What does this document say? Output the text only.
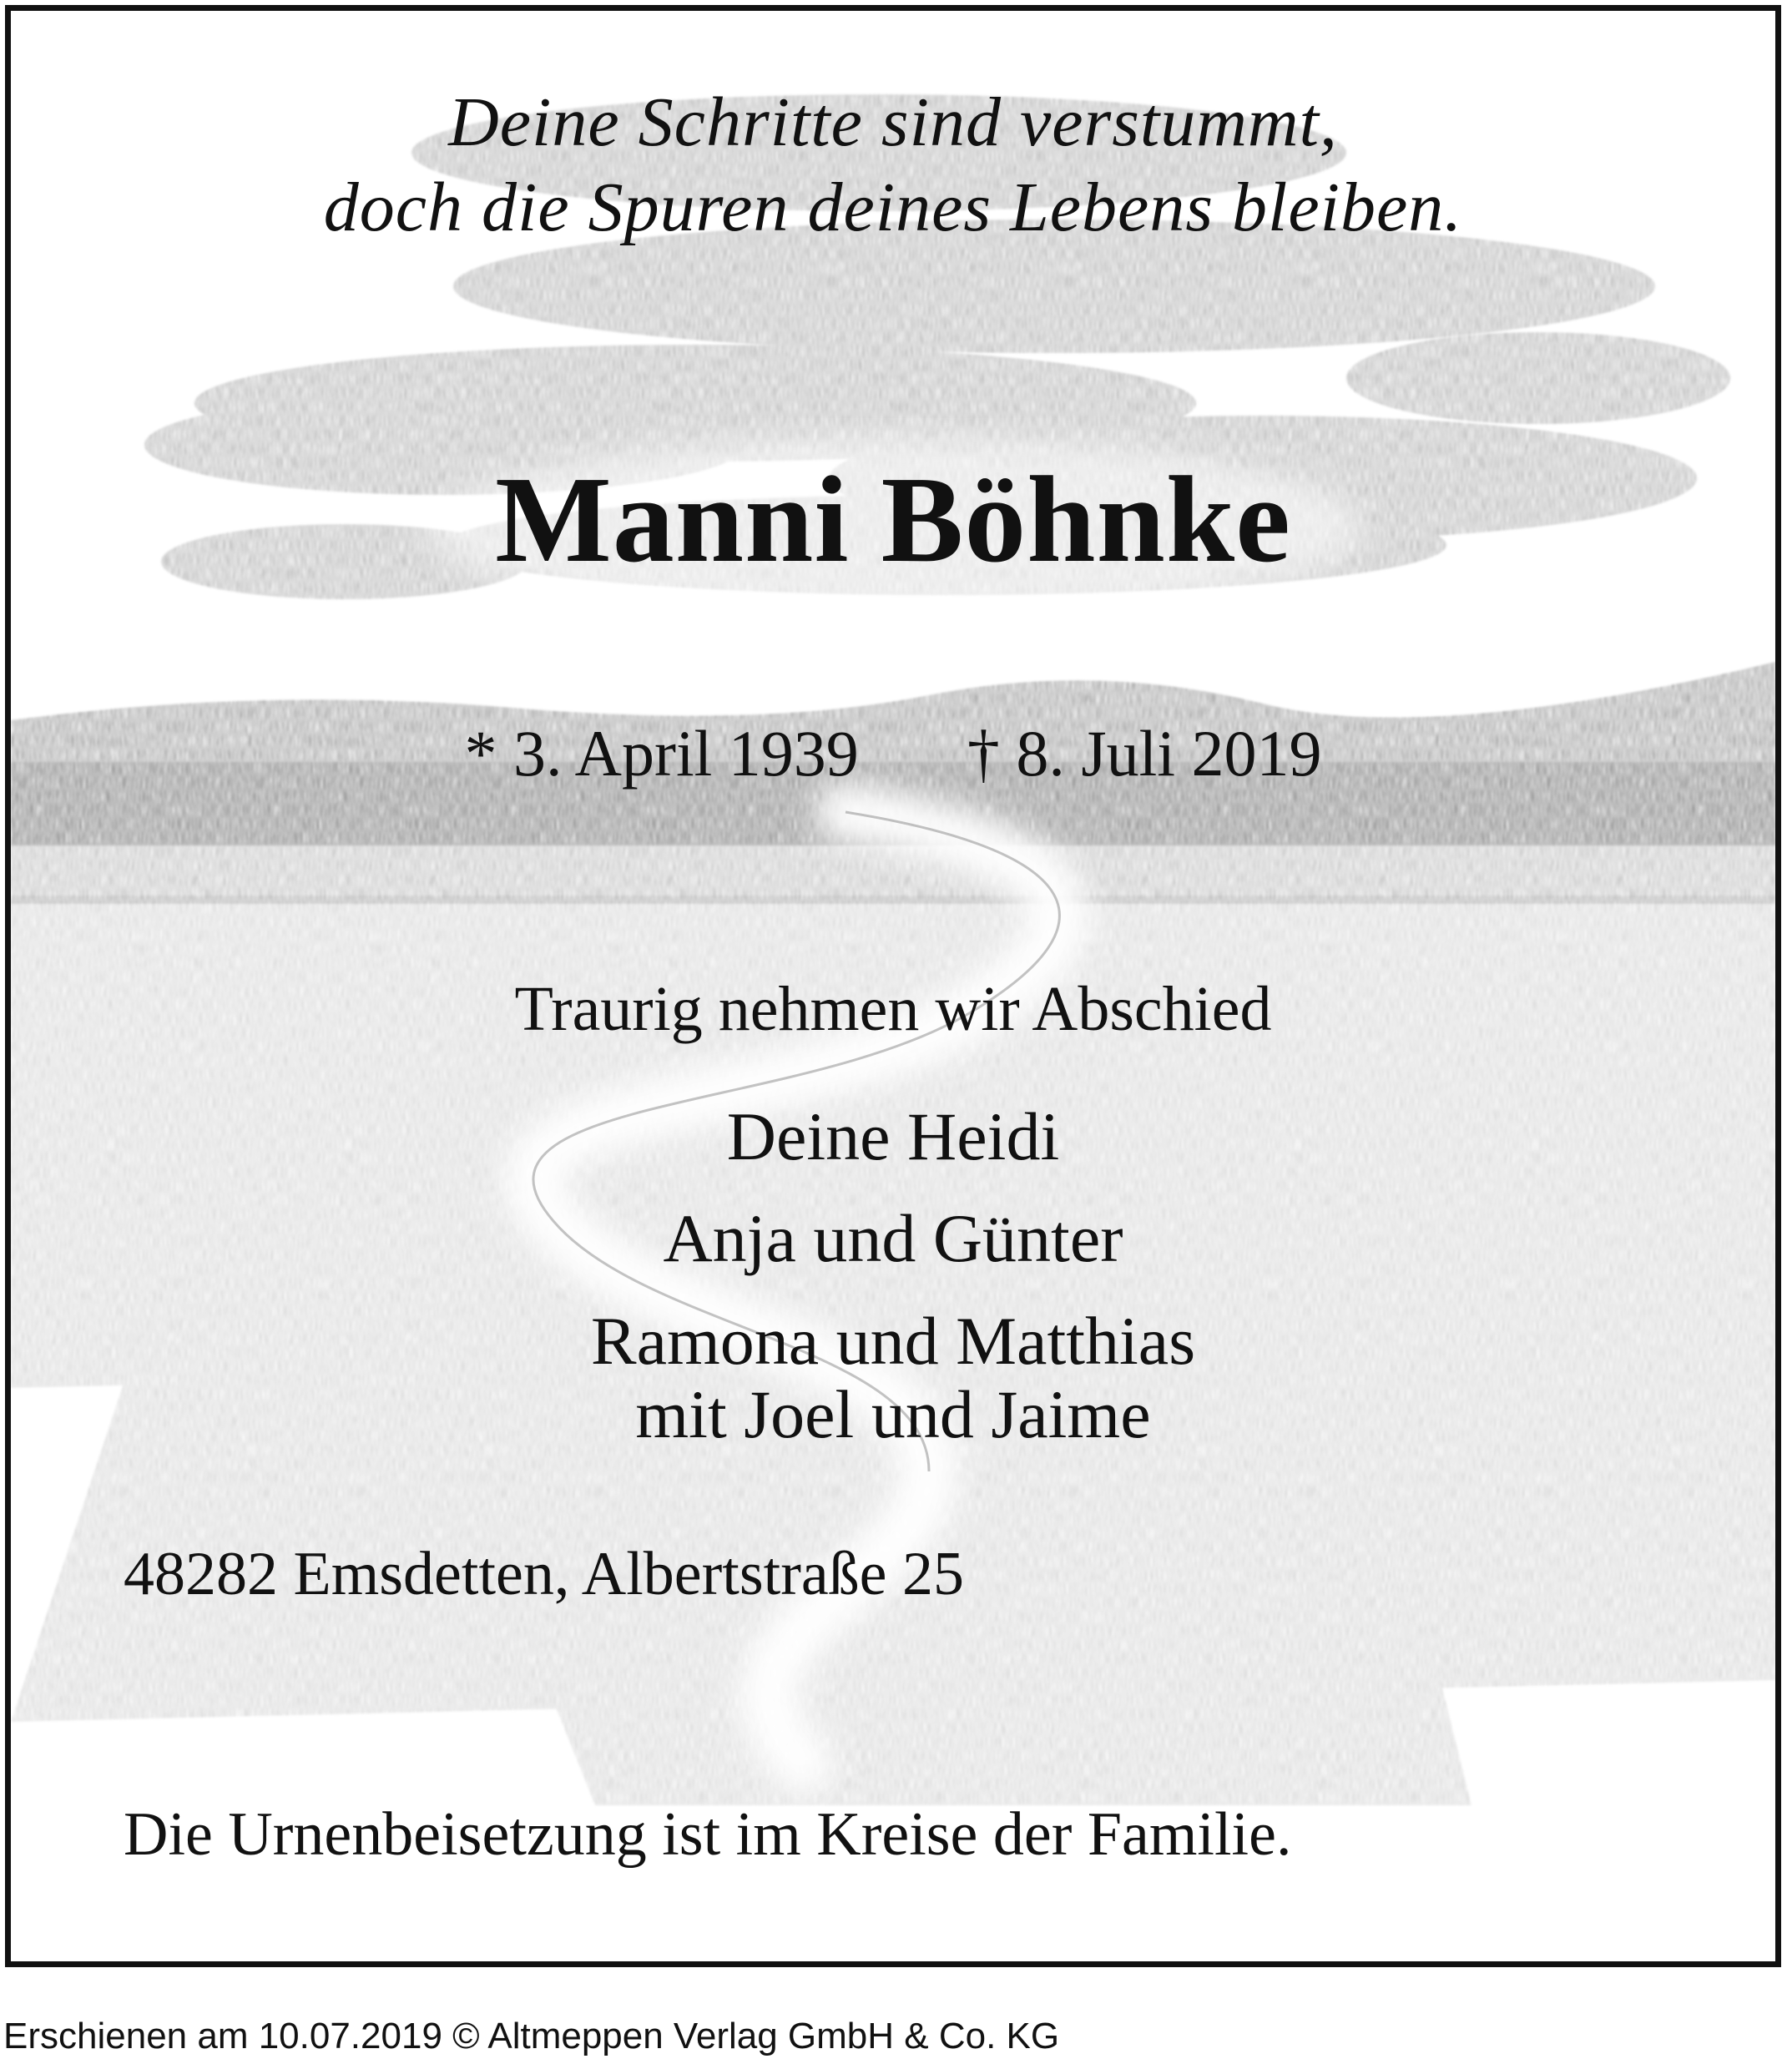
Deine Schritte sind verstummt,

doch die Spuren deines Lebens bleiben.

Manni Böhnke

* 3. April 1939 † 8. Juli 2019

Traurig nehmen wir Abschied

Deine Heidi

Anja und Günter

Ramona und Matthias

mit Joel und Jaime

48282 Emsdetten, Albertstraße 25

Die Urnenbeisetzung ist im Kreise der Familie.

Erschienen am 10.07.2019 © Altmeppen Verlag GmbH & Co. KG
